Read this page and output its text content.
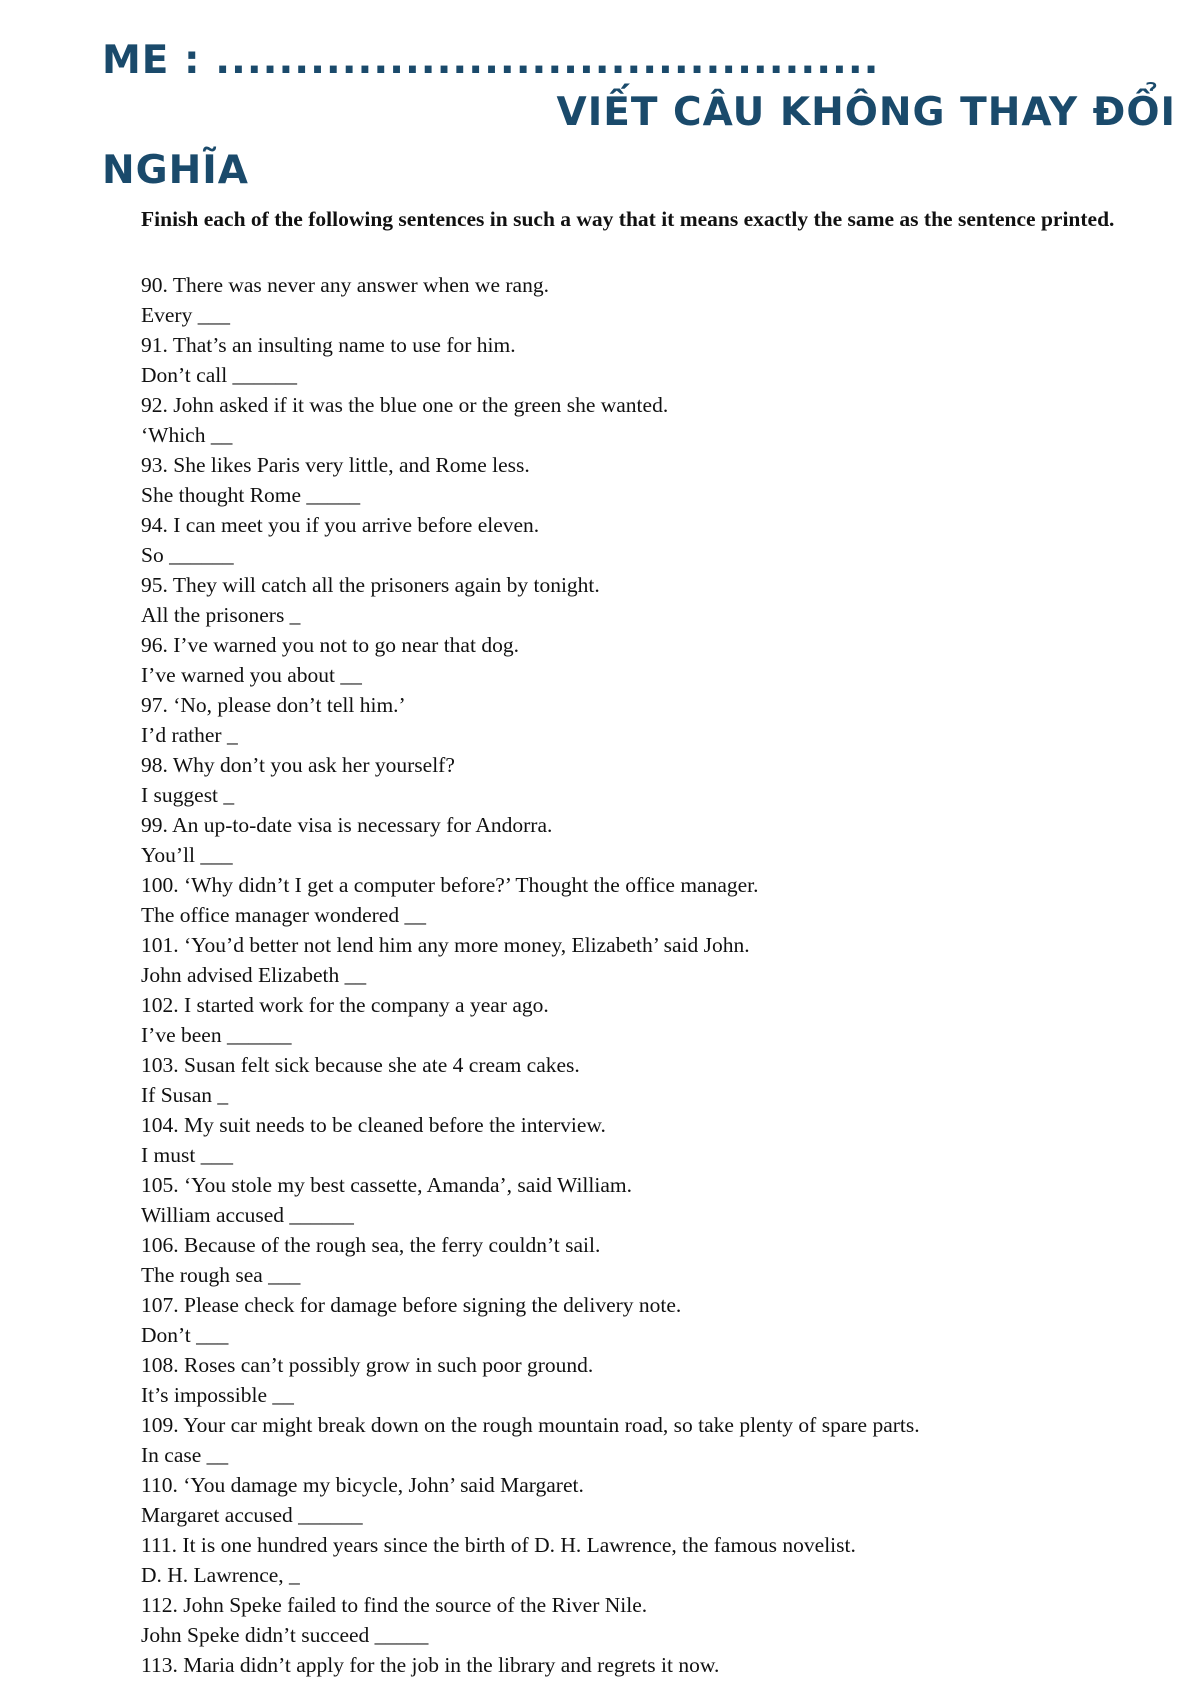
ME : ..........................................
VIẾT CÂU KHÔNG THAY ĐỔI
NGHĨA
Finish each of the following sentences in such a way that it means exactly the same as the sentence printed.
90. There was never any answer when we rang.
Every ___
91. That’s an insulting name to use for him.
Don’t call ______
92. John asked if it was the blue one or the green she wanted.
‘Which __
93. She likes Paris very little, and Rome less.
She thought Rome _____
94. I can meet you if you arrive before eleven.
So ______
95. They will catch all the prisoners again by tonight.
All the prisoners _
96. I’ve warned you not to go near that dog.
I’ve warned you about __
97. ‘No, please don’t tell him.’
I’d rather _
98. Why don’t you ask her yourself?
I suggest _
99. An up-to-date visa is necessary for Andorra.
You’ll ___
100. ‘Why didn’t I get a computer before?’ Thought the office manager.
The office manager wondered __
101. ‘You’d better not lend him any more money, Elizabeth’ said John.
John advised Elizabeth __
102. I started work for the company a year ago.
I’ve been ______
103. Susan felt sick because she ate 4 cream cakes.
If Susan _
104. My suit needs to be cleaned before the interview.
I must ___
105. ‘You stole my best cassette, Amanda’, said William.
William accused ______
106. Because of the rough sea, the ferry couldn’t sail.
The rough sea ___
107. Please check for damage before signing the delivery note.
Don’t ___
108. Roses can’t possibly grow in such poor ground.
It’s impossible __
109. Your car might break down on the rough mountain road, so take plenty of spare parts.
In case __
110. ‘You damage my bicycle, John’ said Margaret.
Margaret accused ______
111. It is one hundred years since the birth of D. H. Lawrence, the famous novelist.
D. H. Lawrence, _
112. John Speke failed to find the source of the River Nile.
John Speke didn’t succeed _____
113. Maria didn’t apply for the job in the library and regrets it now.
